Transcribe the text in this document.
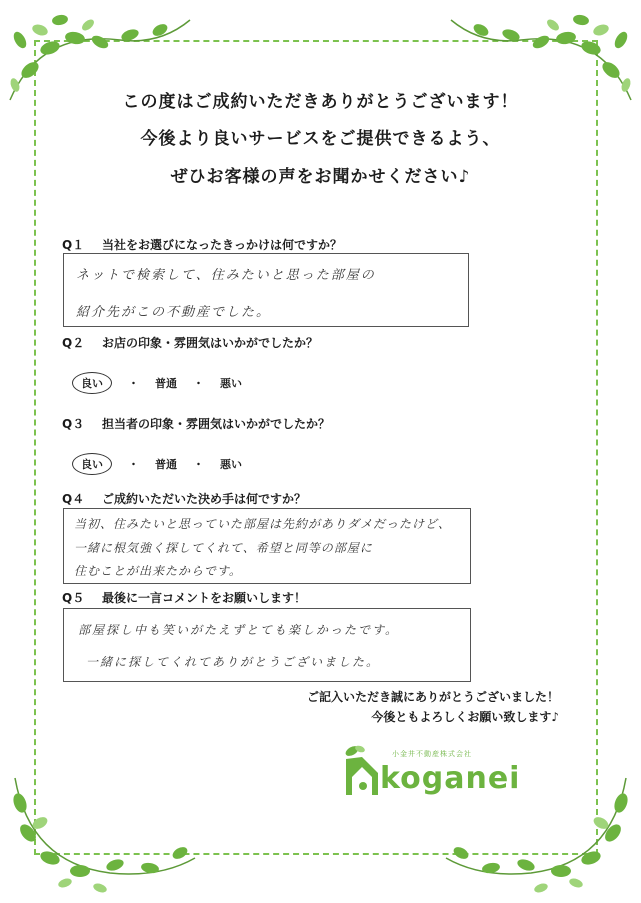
この度はご成約いただきありがとうございます！
今後より良いサービスをご提供できるよう、
ぜひお客様の声をお聞かせください♪
Q１ 当社をお選びになったきっかけは何ですか？
ネットで検索して、住みたいと思った部屋の
紹介先がこの不動産でした。
Q２ お店の印象・雰囲気はいかがでしたか？
良い ・ 普通 ・ 悪い
Q３ 担当者の印象・雰囲気はいかがでしたか？
良い ・ 普通 ・ 悪い
Q４ ご成約いただいた決め手は何ですか？
当初、住みたいと思っていた部屋は先約がありダメだったけど、
一緒に根気強く探してくれて、希望と同等の部屋に
住むことが出来たからです。
Q５ 最後に一言コメントをお願いします！
部屋探し中も笑いがたえずとても楽しかったです。
一緒に探してくれてありがとうございました。
ご記入いただき誠にありがとうございました！
今後ともよろしくお願い致します♪
小金井不動産株式会社
koganei
